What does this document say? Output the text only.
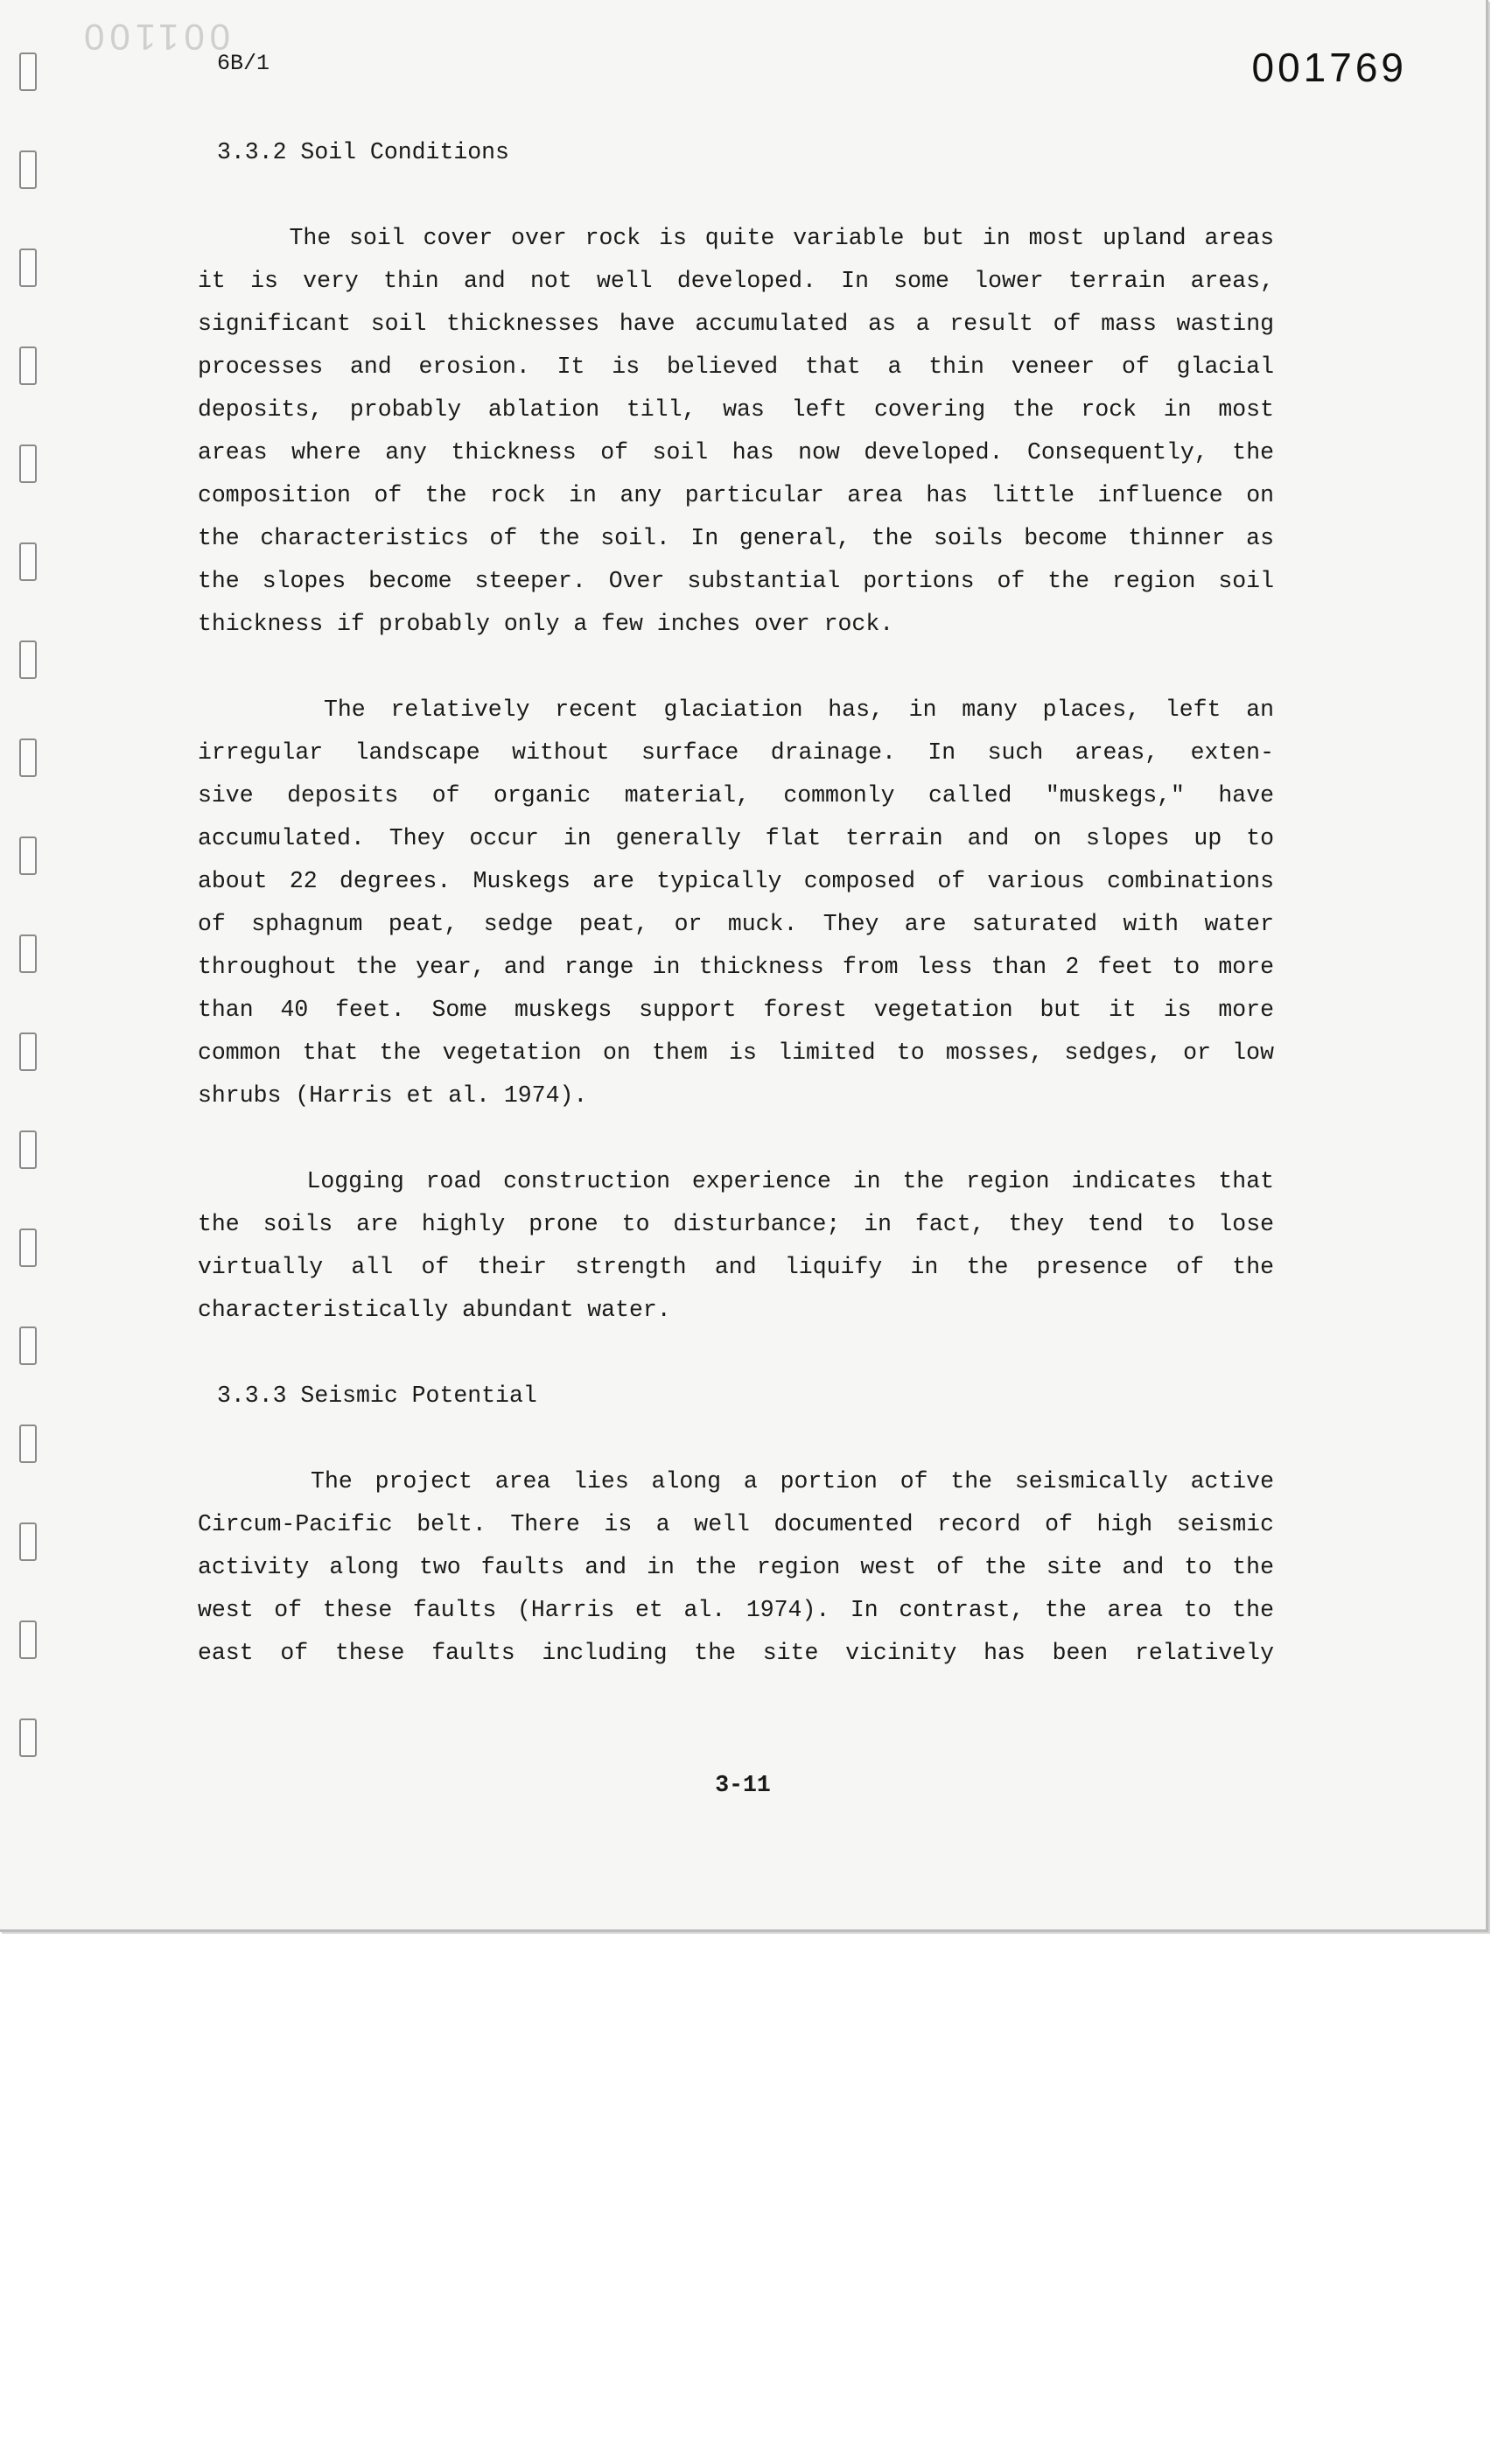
001100
6B/1	001769
3.3.2 Soil Conditions

The soil cover over rock is quite variable but in most upland areas
it is very thin and not well developed. In some lower terrain areas,
significant soil thicknesses have accumulated as a result of mass wasting
processes and erosion. It is believed that a thin veneer of glacial
deposits, probably ablation till, was left covering the rock in most
areas where any thickness of soil has now developed. Consequently, the
composition of the rock in any particular area has little influence on
the characteristics of the soil. In general, the soils become thinner as
the slopes become steeper. Over substantial portions of the region soil
thickness if probably only a few inches over rock.

The relatively recent glaciation has, in many places, left an
irregular landscape without surface drainage. In such areas, exten-
sive deposits of organic material, commonly called "muskegs," have
accumulated. They occur in generally flat terrain and on slopes up to
about 22 degrees. Muskegs are typically composed of various combinations
of sphagnum peat, sedge peat, or muck. They are saturated with water
throughout the year, and range in thickness from less than 2 feet to more
than 40 feet. Some muskegs support forest vegetation but it is more
common that the vegetation on them is limited to mosses, sedges, or low
shrubs (Harris et al. 1974).

Logging road construction experience in the region indicates that
the soils are highly prone to disturbance; in fact, they tend to lose
virtually all of their strength and liquify in the presence of the
characteristically abundant water.

3.3.3 Seismic Potential

The project area lies along a portion of the seismically active
Circum-Pacific belt. There is a well documented record of high seismic
activity along two faults and in the region west of the site and to the
west of these faults (Harris et al. 1974). In contrast, the area to the
east of these faults including the site vicinity has been relatively

3-11
